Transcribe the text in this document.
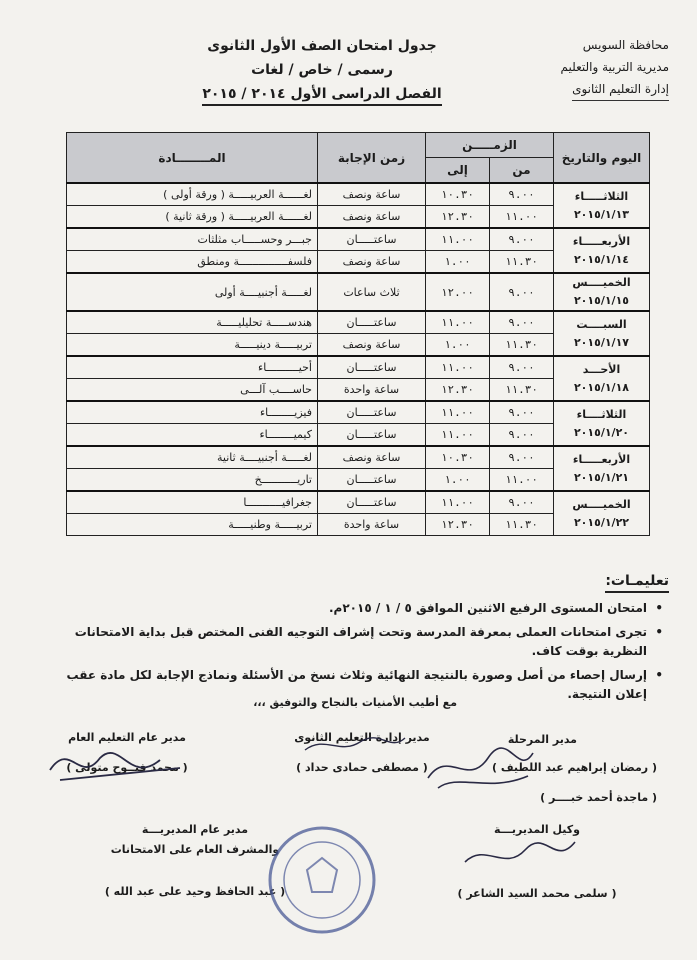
محافظة السويس
مديرية التربية والتعليم
إدارة التعليم الثانوى
جدول امتحان الصف الأول الثانوى
رسمى / خاص / لغات
الفصل الدراسى الأول ٢٠١٤ / ٢٠١٥
اليوم والتاريخ	الزمـــــن		زمن الإجابة	المــــــــادة
	من	إلى		

الثلاثـــــاء
٢٠١٥/١/١٣	٩.٠٠	١٠.٣٠	ساعة ونصف	لغــــــة العربيـــــة ( ورقة أولى )
	١١.٠٠	١٢.٣٠	ساعة ونصف	لغــــــة العربيـــــة ( ورقة ثانية )

الأربعـــــاء
٢٠١٥/١/١٤	٩.٠٠	١١.٠٠	ساعتـــــان	جبـــر وحســـــاب مثلثات
	١١.٣٠	١.٠٠	ساعة ونصف	فلسفـــــــــــــــة ومنطق

الخميــــس
٢٠١٥/١/١٥	٩.٠٠	١٢.٠٠	ثلاث ساعات	لغـــــة أجنبيــــة أولى

السبــــت
٢٠١٥/١/١٧	٩.٠٠	١١.٠٠	ساعتـــــان	هندســـــة تحليليـــــة
	١١.٣٠	١.٠٠	ساعة ونصف	تربيـــــة دينيـــــة

الأحـــد
٢٠١٥/١/١٨	٩.٠٠	١١.٠٠	ساعتـــــان	أحيــــــــــاء
	١١.٣٠	١٢.٣٠	ساعة واحدة	حاســــب آلـــى

الثلاثــــاء
٢٠١٥/١/٢٠	٩.٠٠	١١.٠٠	ساعتـــــان	فيزيــــــــاء
	٩.٠٠	١١.٠٠	ساعتـــــان	كيميــــــــاء

الأربعـــــاء
٢٠١٥/١/٢١	٩.٠٠	١٠.٣٠	ساعة ونصف	لغـــــة أجنبيــــة ثانية
	١١.٠٠	١.٠٠	ساعتـــــان	تاريـــــــــــخ

الخميــــس
٢٠١٥/١/٢٢	٩.٠٠	١١.٠٠	ساعتـــــان	جغرافيـــــــــــا
	١١.٣٠	١٢.٣٠	ساعة واحدة	تربيـــــة وطنيـــــة
تعليمـات:
• امتحان المستوى الرفيع الاثنين الموافق ٥ / ١ / ٢٠١٥م.
• تجرى امتحانات العملى بمعرفة المدرسة وتحت إشراف التوجيه الفنى المختص قبل بداية الامتحانات النظرية بوقت كاف.
• إرسال إحصاء من أصل وصورة بالنتيجة النهائية وثلاث نسخ من الأسئلة ونماذج الإجابة لكل مادة عقب إعلان النتيجة.
مع أطيب الأمنيات بالنجاح والتوفيق ،،،
مدير المرحلة
( رمضان إبراهيم عبد اللطيف )
( ماجدة أحمد خبــــر )
مدير إدارة التعليم الثانوى
( مصطفى حمادى حداد )
مدير عام التعليم العام
( محمد فتــوح متولى )
وكيل المديريـــة
( سلمى محمد السيد الشاعر )
مدير عام المديريـــة
والمشرف العام على الامتحانات
( عبد الحافظ وحيد على عبد الله )
